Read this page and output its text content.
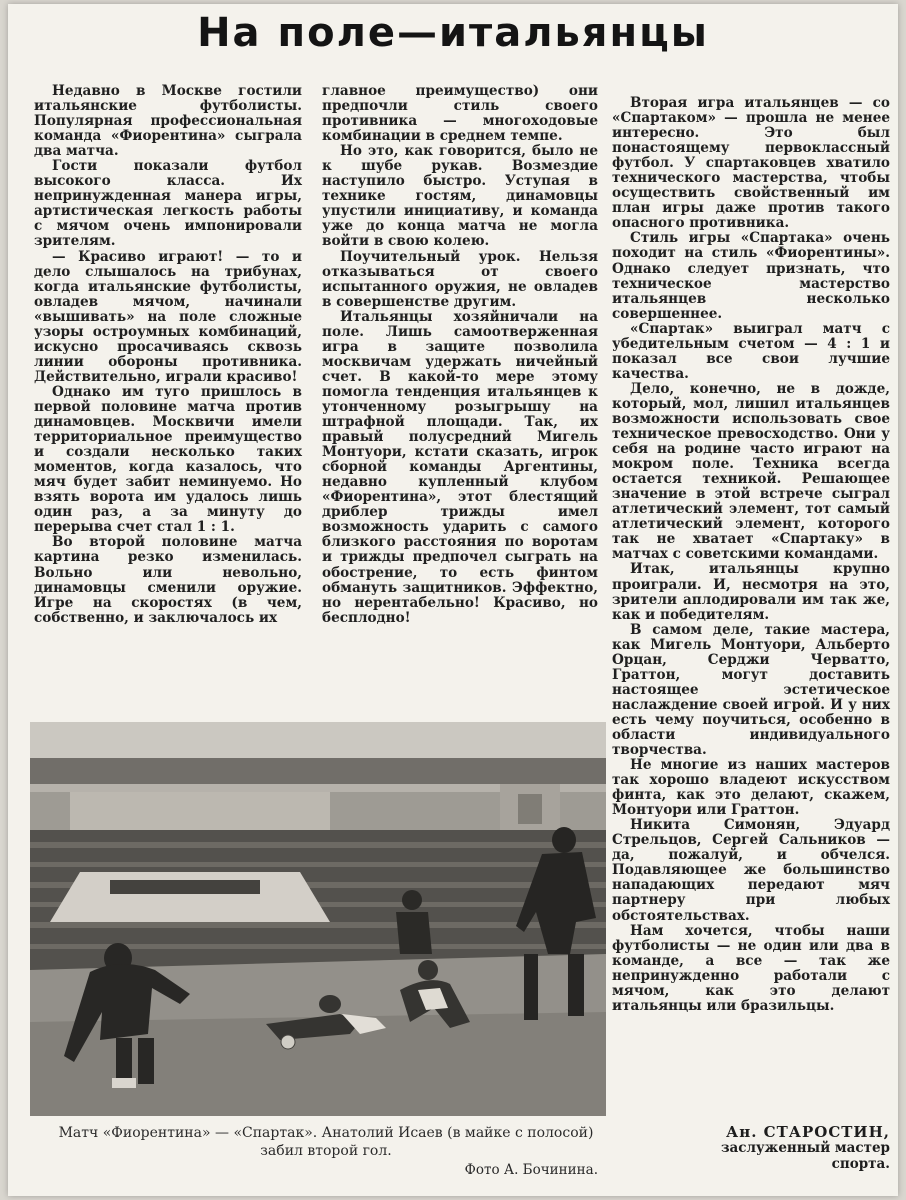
На поле—итальянцы

Недавно в Москве гостили итальянские футболисты. Популярная профессиональная команда «Фиорентина» сыграла два матча.

Гости показали футбол высокого класса. Их непринужденная манера игры, артистическая легкость работы с мячом очень импонировали зрителям.

— Красиво играют! — то и дело слышалось на трибунах, когда итальянские футболисты, овладев мячом, начинали «вышивать» на поле сложные узоры остроумных комбинаций, искусно просачиваясь сквозь линии обороны противника. Действительно, играли красиво!

Однако им туго пришлось в первой половине матча против динамовцев. Москвичи имели территориальное преимущество и создали несколько таких моментов, когда казалось, что мяч будет забит неминуемо. Но взять ворота им удалось лишь один раз, а за минуту до перерыва счет стал 1 : 1.

Во второй половине матча картина резко изменилась. Вольно или невольно, динамовцы сменили оружие. Игре на скоростях (в чем, собственно, и заключалось их

главное преимущество) они предпочли стиль своего противника — многоходовые комбинации в среднем темпе.

Но это, как говорится, было не к шубе рукав. Возмездие наступило быстро. Уступая в технике гостям, динамовцы упустили инициативу, и команда уже до конца матча не могла войти в свою колею.

Поучительный урок. Нельзя отказываться от своего испытанного оружия, не овладев в совершенстве другим.

Итальянцы хозяйничали на поле. Лишь самоотверженная игра в защите позволила москвичам удержать ничейный счет. В какой-то мере этому помогла тенденция итальянцев к утонченному розыгрышу на штрафной площади. Так, их правый полусредний Мигель Монтуори, кстати сказать, игрок сборной команды Аргентины, недавно купленный клубом «Фиорентина», этот блестящий дриблер трижды имел возможность ударить с самого близкого расстояния по воротам и трижды предпочел сыграть на обострение, то есть финтом обмануть защитников. Эффектно, но нерентабельно! Красиво, но бесплодно!

Вторая игра итальянцев — со «Спартаком» — прошла не менее интересно. Это был понастоящему первоклассный футбол. У спартаковцев хватило технического мастерства, чтобы осуществить свойственный им план игры даже против такого опасного противника.

Стиль игры «Спартака» очень походит на стиль «Фиорентины». Однако следует признать, что техническое мастерство итальянцев несколько совершеннее.

«Спартак» выиграл матч с убедительным счетом — 4 : 1 и показал все свои лучшие качества.

Дело, конечно, не в дожде, который, мол, лишил итальянцев возможности использовать свое техническое превосходство. Они у себя на родине часто играют на мокром поле. Техника всегда остается техникой. Решающее значение в этой встрече сыграл атлетический элемент, тот самый атлетический элемент, которого так не хватает «Спартаку» в матчах с советскими командами.

Итак, итальянцы крупно проиграли. И, несмотря на это, зрители аплодировали им так же, как и победителям.

В самом деле, такие мастера, как Мигель Монтуори, Альберто Орцан, Серджи Черватто, Граттон, могут доставить настоящее эстетическое наслаждение своей игрой. И у них есть чему поучиться, особенно в области индивидуального творчества.

Не многие из наших мастеров так хорошо владеют искусством финта, как это делают, скажем, Монтуори или Граттон.

Никита Симонян, Эдуард Стрельцов, Сергей Сальников — да, пожалуй, и обчелся. Подавляющее же большинство нападающих передают мяч партнеру при любых обстоятельствах.

Нам хочется, чтобы наши футболисты — не один или два в команде, а все — так же непринужденно работали с мячом, как это делают итальянцы или бразильцы.

Матч «Фиорентина» — «Спартак». Анатолий Исаев (в майке с полосой) забил второй гол.
Фото А. Бочинина.
Ан. СТАРОСТИН,
заслуженный мастер спорта.
